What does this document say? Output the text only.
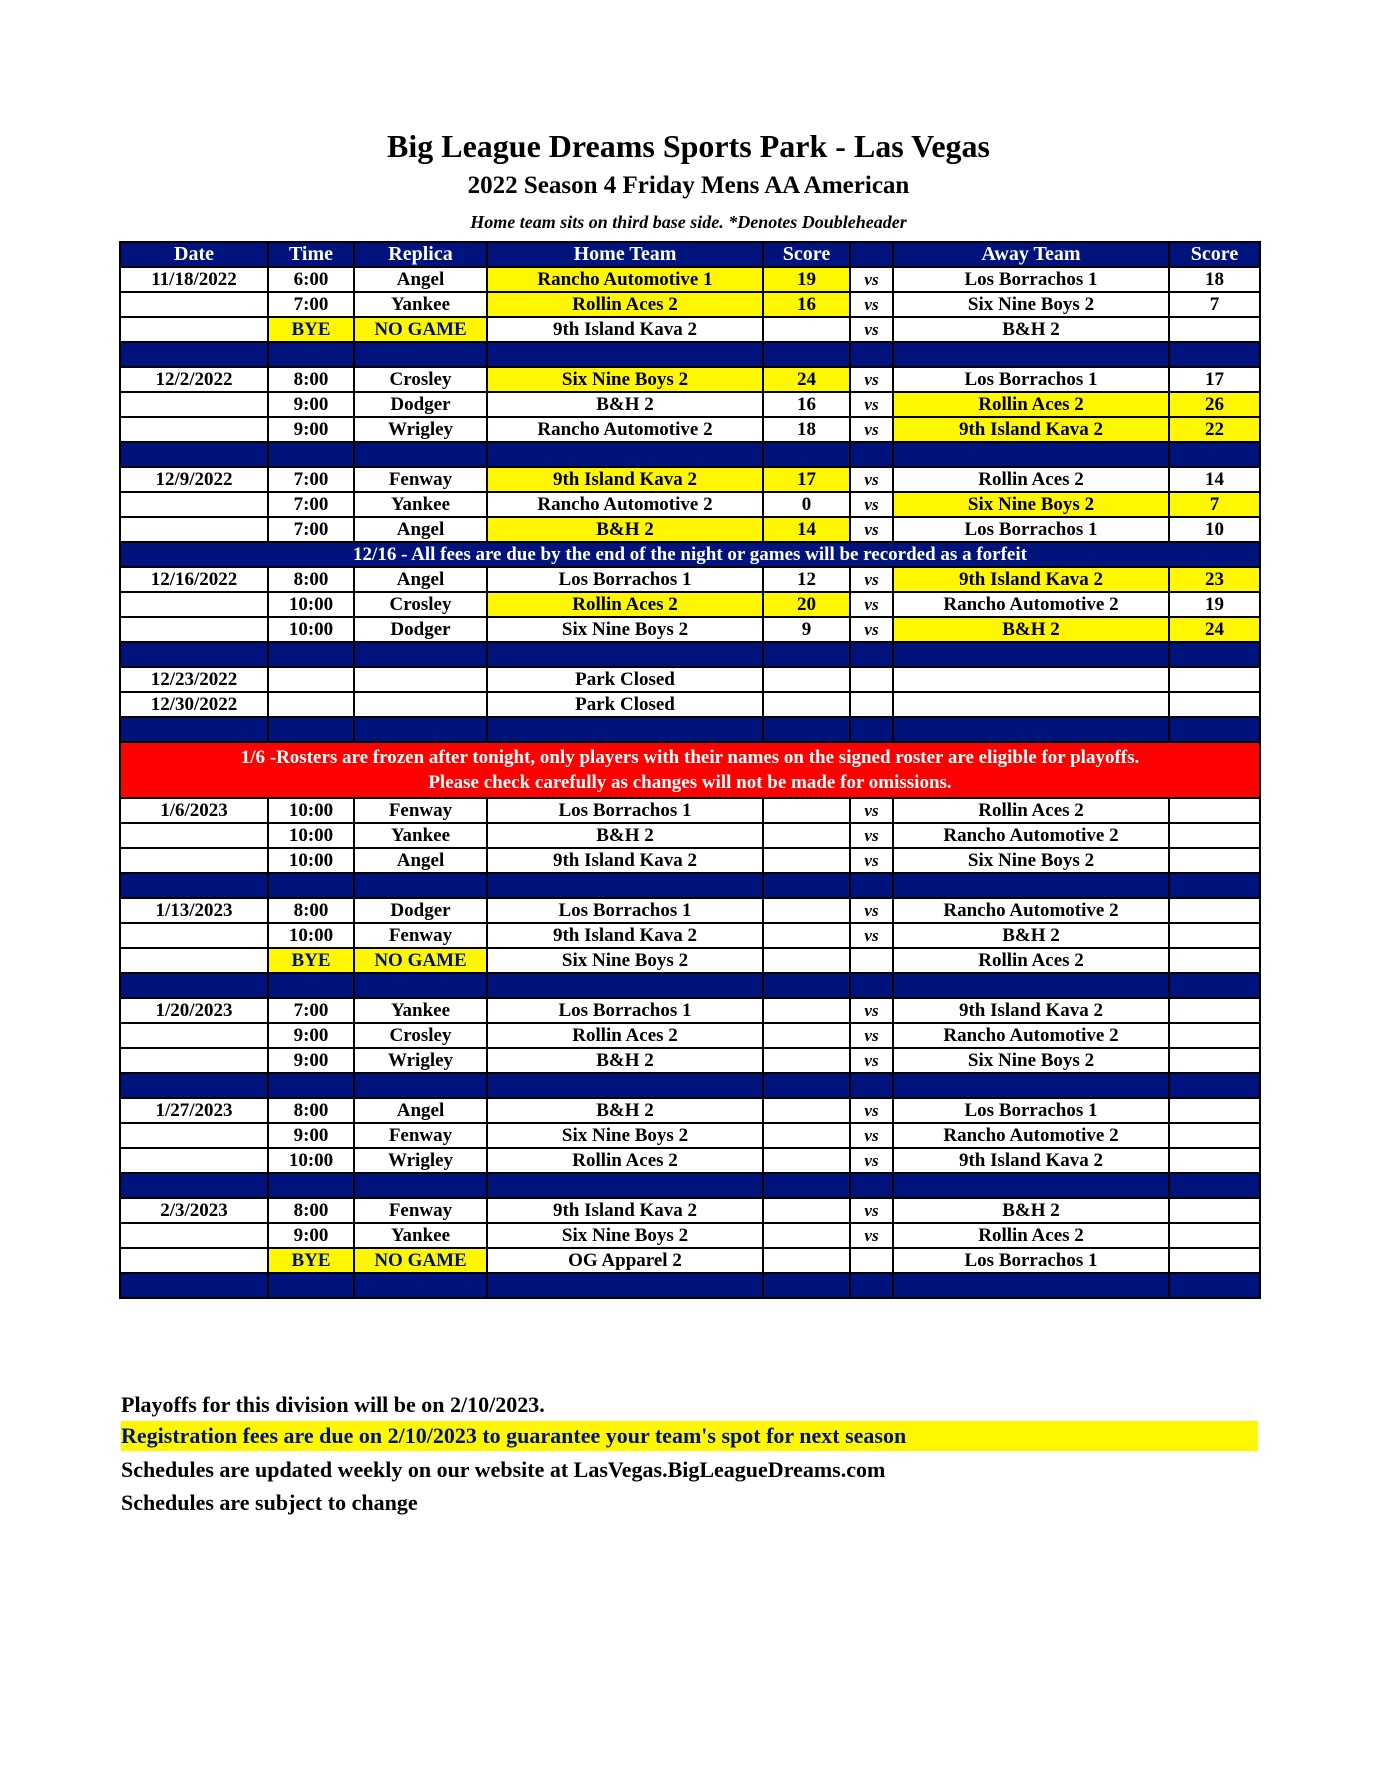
Big League Dreams Sports Park - Las Vegas
2022 Season 4 Friday Mens AA American
Home team sits on third base side. *Denotes Doubleheader
Date	Time	Replica	Home Team	Score		Away Team	Score
11/18/2022	6:00	Angel	Rancho Automotive 1	19	vs	Los Borrachos 1	18
	7:00	Yankee	Rollin Aces 2	16	vs	Six Nine Boys 2	7
	BYE	NO GAME	9th Island Kava 2		vs	B&H 2	

12/2/2022	8:00	Crosley	Six Nine Boys 2	24	vs	Los Borrachos 1	17
	9:00	Dodger	B&H 2	16	vs	Rollin Aces 2	26
	9:00	Wrigley	Rancho Automotive 2	18	vs	9th Island Kava 2	22

12/9/2022	7:00	Fenway	9th Island Kava 2	17	vs	Rollin Aces 2	14
	7:00	Yankee	Rancho Automotive 2	0	vs	Six Nine Boys 2	7
	7:00	Angel	B&H 2	14	vs	Los Borrachos 1	10
12/16 - All fees are due by the end of the night or games will be recorded as a forfeit							
12/16/2022	8:00	Angel	Los Borrachos 1	12	vs	9th Island Kava 2	23
	10:00	Crosley	Rollin Aces 2	20	vs	Rancho Automotive 2	19
	10:00	Dodger	Six Nine Boys 2	9	vs	B&H 2	24

12/23/2022			Park Closed				
12/30/2022			Park Closed				

1/6 -Rosters are frozen after tonight, only players with their names on the signed roster are eligible for playoffs.
Please check carefully as changes will not be made for omissions.							

1/6/2023	10:00	Fenway	Los Borrachos 1		vs	Rollin Aces 2	
	10:00	Yankee	B&H 2		vs	Rancho Automotive 2	
	10:00	Angel	9th Island Kava 2		vs	Six Nine Boys 2	

1/13/2023	8:00	Dodger	Los Borrachos 1		vs	Rancho Automotive 2	
	10:00	Fenway	9th Island Kava 2		vs	B&H 2	
	BYE	NO GAME	Six Nine Boys 2			Rollin Aces 2	

1/20/2023	7:00	Yankee	Los Borrachos 1		vs	9th Island Kava 2	
	9:00	Crosley	Rollin Aces 2		vs	Rancho Automotive 2	
	9:00	Wrigley	B&H 2		vs	Six Nine Boys 2	

1/27/2023	8:00	Angel	B&H 2		vs	Los Borrachos 1	
	9:00	Fenway	Six Nine Boys 2		vs	Rancho Automotive 2	
	10:00	Wrigley	Rollin Aces 2		vs	9th Island Kava 2	

2/3/2023	8:00	Fenway	9th Island Kava 2		vs	B&H 2	
	9:00	Yankee	Six Nine Boys 2		vs	Rollin Aces 2	
	BYE	NO GAME	OG Apparel 2			Los Borrachos 1	

Playoffs for this division will be on 2/10/2023.
Registration fees are due on 2/10/2023 to guarantee your team's spot for next season
Schedules are updated weekly on our website at LasVegas.BigLeagueDreams.com
Schedules are subject to change
